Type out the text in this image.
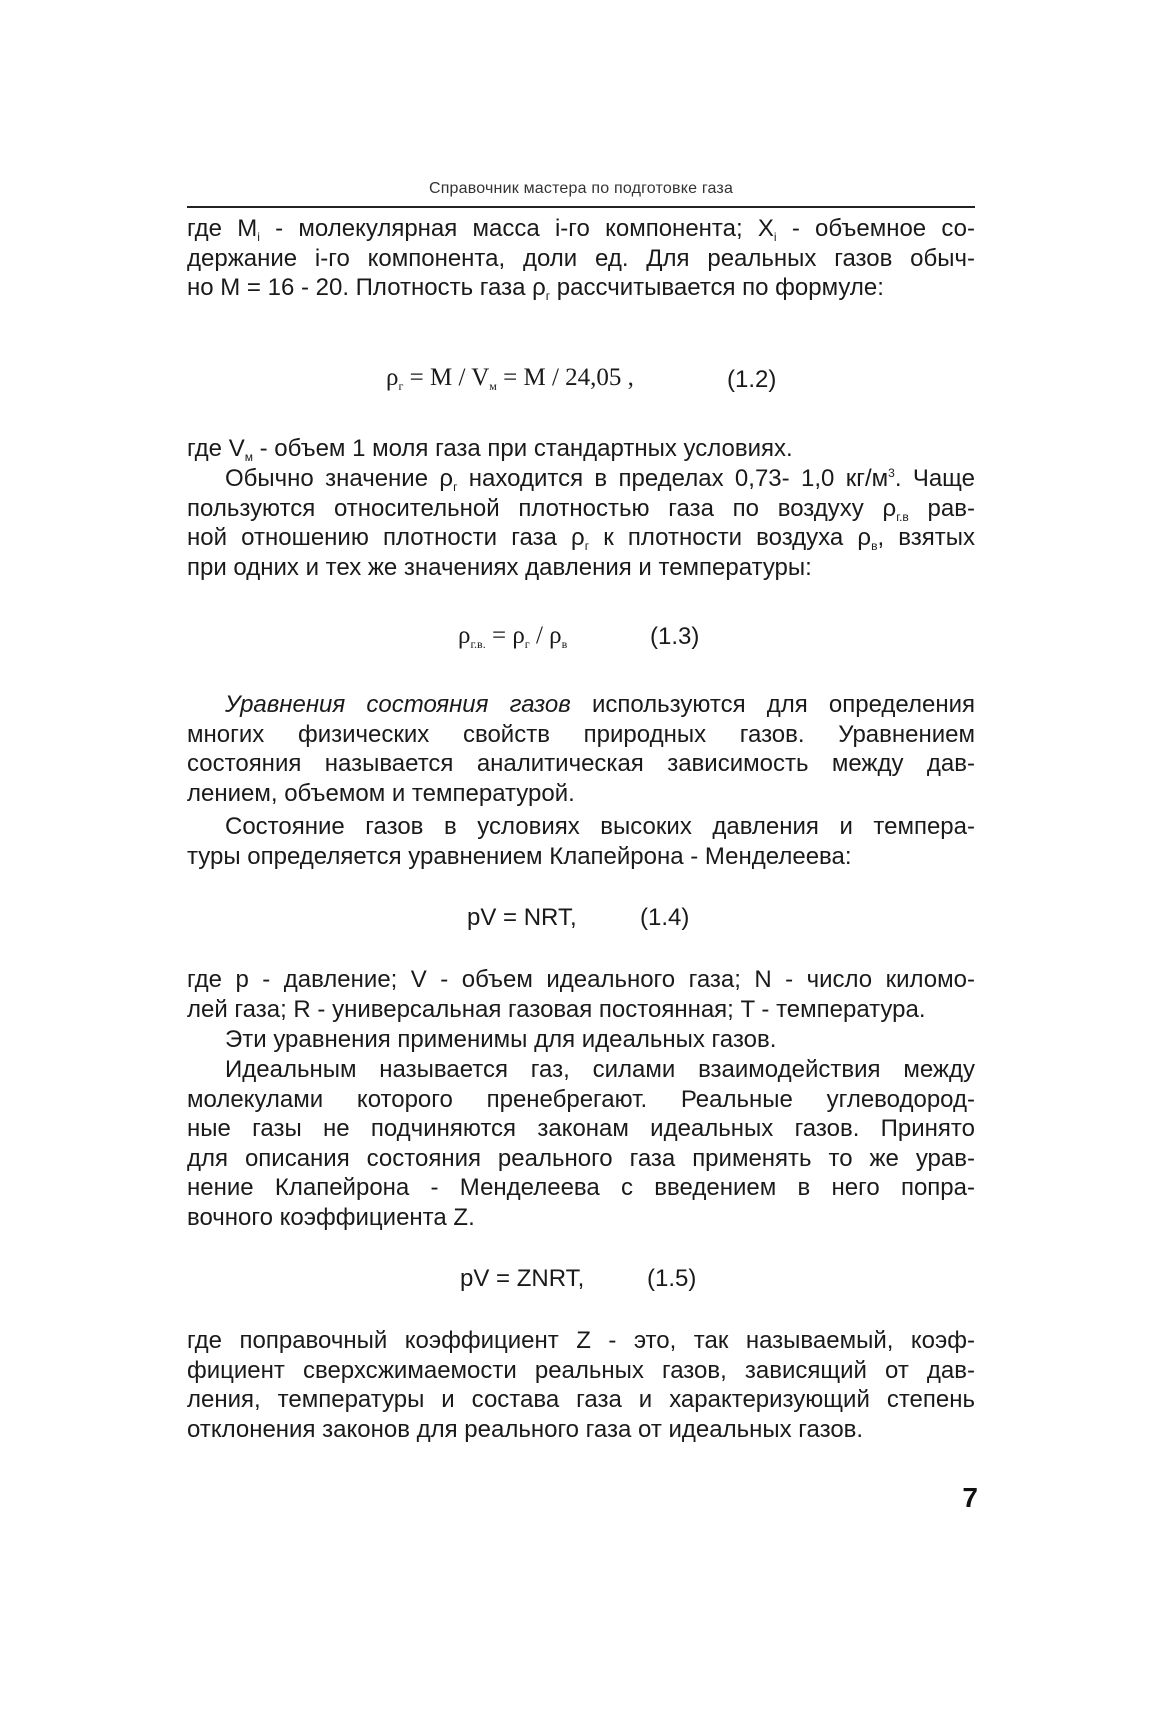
Справочник мастера по подготовке газа
где $M_i$ - молекулярная масса i-го компонента; $X_i$ - объемное со-
держание i-го компонента, доли ед. Для реальных газов обыч-
но M = 16 - 20. Плотность газа $\rho_г$ рассчитывается по формуле:
$\rho_г = M / V_м = M / 24,05$ ,	(1.2)
где $V_м$ - объем 1 моля газа при стандартных условиях.
Обычно значение $\rho_г$ находится в пределах 0,73- 1,0 $кг/м^3$. Чаще
пользуются относительной плотностью газа по воздуху $\rho_{г.в}$ рав-
ной отношению плотности газа $\rho_г$ к плотности воздуха $\rho_в$, взятых
при одних и тех же значениях давления и температуры:
$\rho_{г.в.} = \rho_г / \rho_в$	(1.3)
Уравнения состояния газов используются для определения
многих физических свойств природных газов. Уравнением
состояния называется аналитическая зависимость между дав-
лением, объемом и температурой.
Состояние газов в условиях высоких давления и темпера-
туры определяется уравнением Клапейрона - Менделеева:
pV = NRT,	(1.4)
где p - давление; V - объем идеального газа; N - число киломо-
лей газа; R - универсальная газовая постоянная; T - температура.
Эти уравнения применимы для идеальных газов.
Идеальным называется газ, силами взаимодействия между
молекулами которого пренебрегают. Реальные углеводород-
ные газы не подчиняются законам идеальных газов. Принято
для описания состояния реального газа применять то же урав-
нение Клапейрона - Менделеева с введением в него попра-
вочного коэффициента Z.
pV = ZNRT,	(1.5)
где поправочный коэффициент Z - это, так называемый, коэф-
фициент сверхсжимаемости реальных газов, зависящий от дав-
ления, температуры и состава газа и характеризующий степень
отклонения законов для реального газа от идеальных газов.
7
